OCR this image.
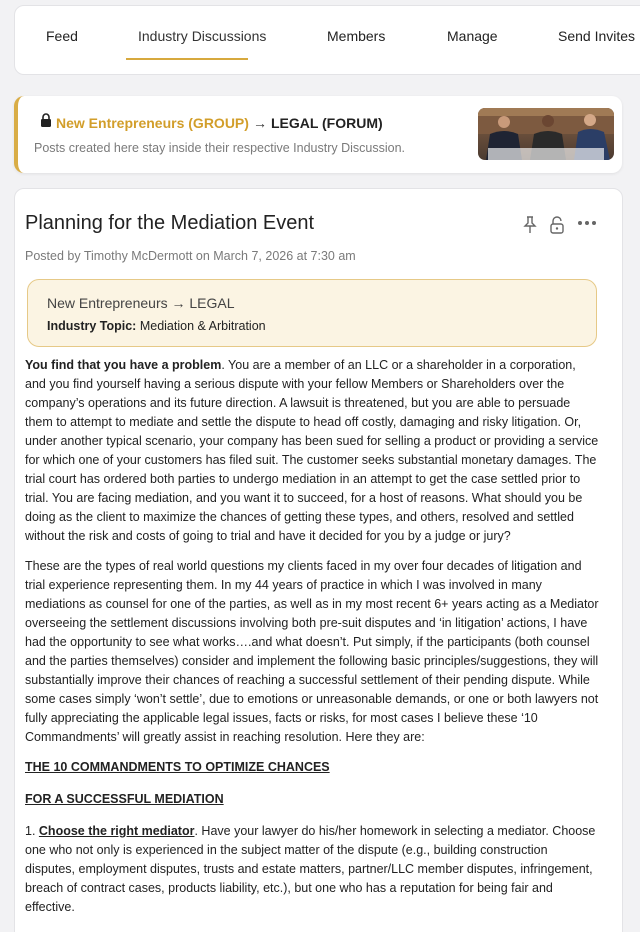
Feed	Industry Discussions	Members	Manage	Send Invites
New Entrepreneurs (GROUP) → LEGAL (FORUM)
Posts created here stay inside their respective Industry Discussion.
Planning for the Mediation Event
Posted by Timothy McDermott on March 7, 2026 at 7:30 am
New Entrepreneurs → LEGAL
Industry Topic: Mediation & Arbitration

You find that you have a problem. You are a member of an LLC or a shareholder in a corporation, and you find yourself having a serious dispute with your fellow Members or Shareholders over the company’s operations and its future direction. A lawsuit is threatened, but you are able to persuade them to attempt to mediate and settle the dispute to head off costly, damaging and risky litigation. Or, under another typical scenario, your company has been sued for selling a product or providing a service for which one of your customers has filed suit. The customer seeks substantial monetary damages. The trial court has ordered both parties to undergo mediation in an attempt to get the case settled prior to trial. You are facing mediation, and you want it to succeed, for a host of reasons. What should you be doing as the client to maximize the chances of getting these types, and others, resolved and settled without the risk and costs of going to trial and have it decided for you by a judge or jury?

These are the types of real world questions my clients faced in my over four decades of litigation and trial experience representing them. In my 44 years of practice in which I was involved in many mediations as counsel for one of the parties, as well as in my most recent 6+ years acting as a Mediator overseeing the settlement discussions involving both pre-suit disputes and ‘in litigation’ actions, I have had the opportunity to see what works….and what doesn’t. Put simply, if the participants (both counsel and the parties themselves) consider and implement the following basic principles/suggestions, they will substantially improve their chances of reaching a successful settlement of their pending dispute. While some cases simply ‘won’t settle’, due to emotions or unreasonable demands, or one or both lawyers not fully appreciating the applicable legal issues, facts or risks, for most cases I believe these ‘10 Commandments’ will greatly assist in reaching resolution. Here they are:

THE 10 COMMANDMENTS TO OPTIMIZE CHANCES
FOR A SUCCESSFUL MEDIATION

1. Choose the right mediator. Have your lawyer do his/her homework in selecting a mediator. Choose one who not only is experienced in the subject matter of the dispute (e.g., building construction disputes, employment disputes, trusts and estate matters, partner/LLC member disputes, infringement, breach of contract cases, products liability, etc.), but one who has a reputation for being fair and effective.
